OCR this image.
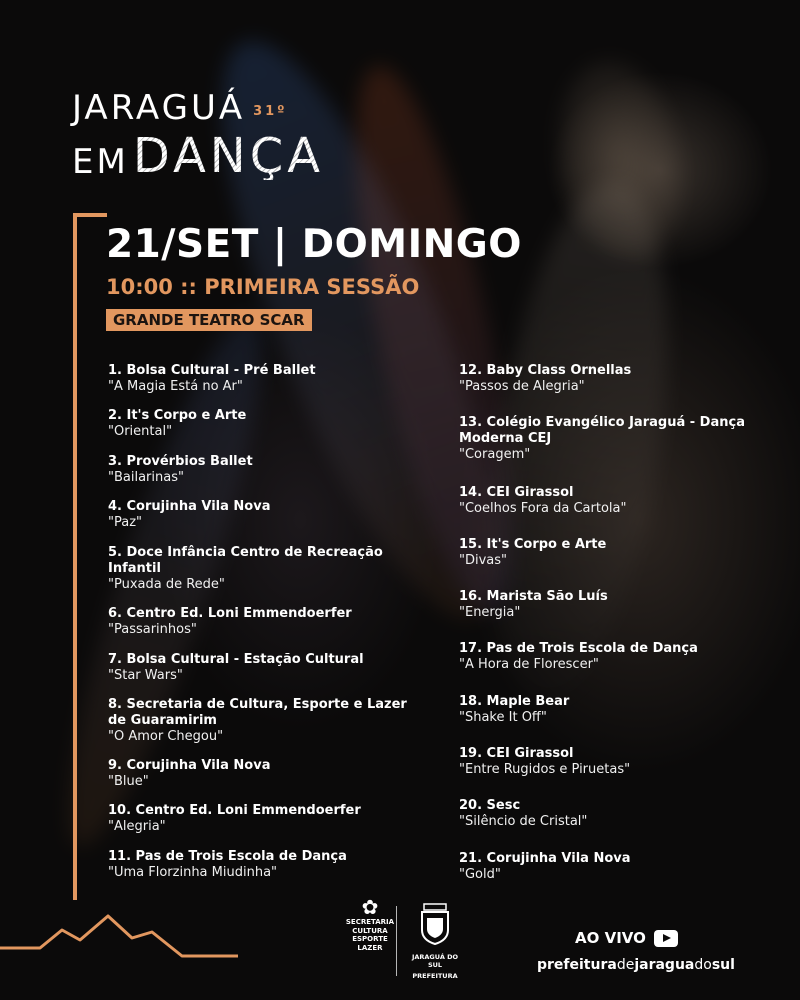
JARAGUÁ 31º
EM DANÇA
21/SET | DOMINGO
10:00 :: PRIMEIRA SESSÃO
GRANDE TEATRO SCAR
1. Bolsa Cultural - Pré Ballet
"A Magia Está no Ar"
2. It's Corpo e Arte
"Oriental"
3. Provérbios Ballet
"Bailarinas"
4. Corujinha Vila Nova
"Paz"
5. Doce Infância Centro de Recreação Infantil
"Puxada de Rede"
6. Centro Ed. Loni Emmendoerfer
"Passarinhos"
7. Bolsa Cultural - Estação Cultural
"Star Wars"
8. Secretaria de Cultura, Esporte e Lazer de Guaramirim
"O Amor Chegou"
9. Corujinha Vila Nova
"Blue"
10. Centro Ed. Loni Emmendoerfer
"Alegria"
11. Pas de Trois Escola de Dança
"Uma Florzinha Miudinha"
12. Baby Class Ornellas
"Passos de Alegria"
13. Colégio Evangélico Jaraguá - Dança Moderna CEJ
"Coragem"
14. CEI Girassol
"Coelhos Fora da Cartola"
15. It's Corpo e Arte
"Divas"
16. Marista São Luís
"Energia"
17. Pas de Trois Escola de Dança
"A Hora de Florescer"
18. Maple Bear
"Shake It Off"
19. CEI Girassol
"Entre Rugidos e Piruetas"
20. Sesc
"Silêncio de Cristal"
21. Corujinha Vila Nova
"Gold"
✿
SECRETARIA
CULTURA
ESPORTE
LAZER
JARAGUÁ DO SUL
PREFEITURA
AO VIVO
prefeituradejaraguadosul
